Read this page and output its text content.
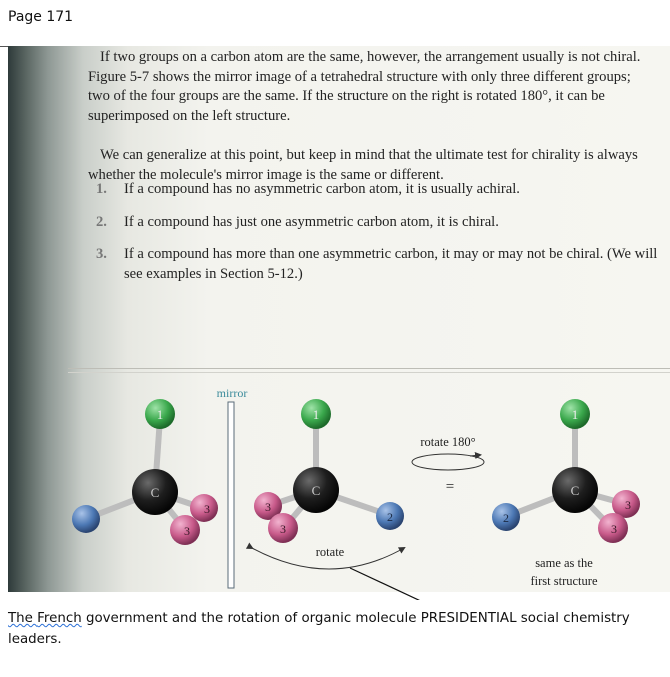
Page 171

If two groups on a carbon atom are the same, however, the arrangement usually is not chiral. Figure 5-7 shows the mirror image of a tetrahedral structure with only three different groups; two of the four groups are the same. If the structure on the right is rotated 180°, it can be superimposed on the left structure.

We can generalize at this point, but keep in mind that the ultimate test for chirality is always whether the molecule's mirror image is the same or different.

1. If a compound has no asymmetric carbon atom, it is usually achiral.
2. If a compound has just one asymmetric carbon atom, it is chiral.
3. If a compound has more than one asymmetric carbon, it may or may not be chiral. (We will see examples in Section 5-12.)
1
C
3
3
mirror
1
3
3
C
2
rotate 180°
=
1
2
C
3
3
rotate
same as the
first structure
The French government and the rotation of organic molecule PRESIDENTIAL social chemistry leaders.
